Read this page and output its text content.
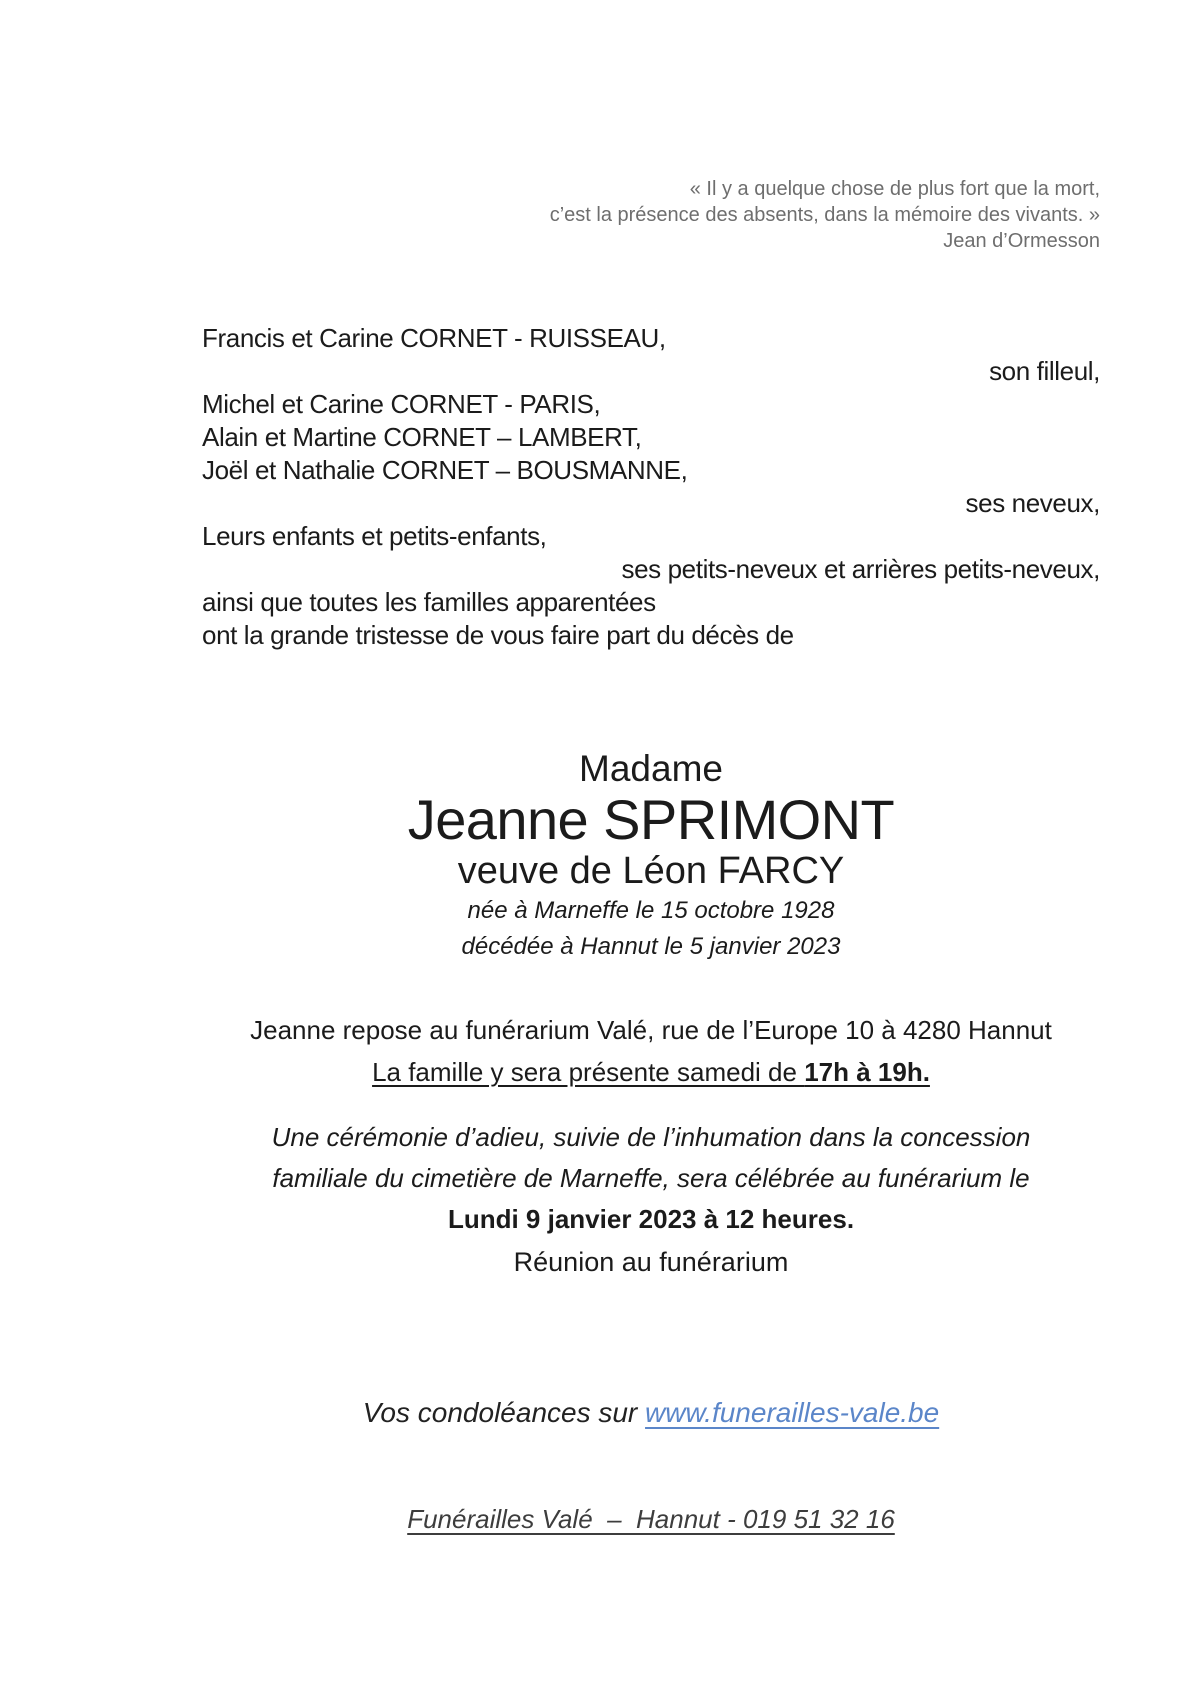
« Il y a quelque chose de plus fort que la mort,
c’est la présence des absents, dans la mémoire des vivants. »
Jean d’Ormesson
Francis et Carine CORNET - RUISSEAU,
son filleul,
Michel et Carine CORNET - PARIS,
Alain et Martine CORNET – LAMBERT,
Joël et Nathalie CORNET – BOUSMANNE,
ses neveux,
Leurs enfants et petits-enfants,
ses petits-neveux et arrières petits-neveux,
ainsi que toutes les familles apparentées
ont la grande tristesse de vous faire part du décès de
Madame
Jeanne SPRIMONT
veuve de Léon FARCY
née à Marneffe le 15 octobre 1928
décédée à Hannut le 5 janvier 2023
Jeanne repose au funérarium Valé, rue de l’Europe 10 à 4280 Hannut
La famille y sera présente samedi de 17h à 19h.
Une cérémonie d’adieu, suivie de l’inhumation dans la concession
familiale du cimetière de Marneffe, sera célébrée au funérarium le
Lundi 9 janvier 2023 à 12 heures.
Réunion au funérarium
Vos condoléances sur www.funerailles-vale.be
Funérailles Valé  –  Hannut - 019 51 32 16
